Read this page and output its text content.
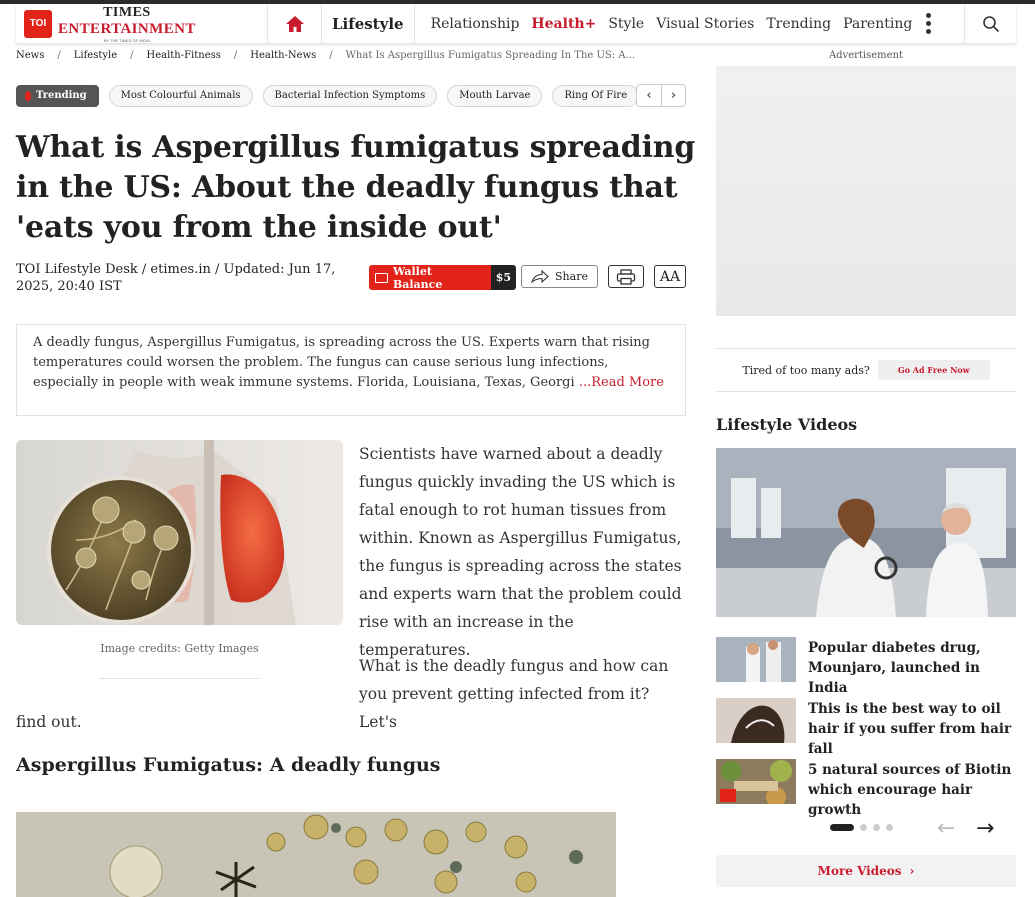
TOI
TIMES
ENTERTAINMENT
BY THE TIMES OF INDIA
Lifestyle	Relationship Health+ Style Visual Stories Trending Parenting
News / Lifestyle / Health-Fitness / Health-News / What Is Aspergillus Fumigatus Spreading In The US: A...
Trending	Most Colourful Animals	Bacterial Infection Symptoms	Mouth Larvae	Ring Of Fire	‹	›
What is Aspergillus fumigatus spreading in the US: About the deadly fungus that 'eats you from the inside out'
TOI Lifestyle Desk / etimes.in / Updated: Jun 17, 2025, 20:40 IST
Wallet Balance	$5	Share	AA
A deadly fungus, Aspergillus Fumigatus, is spreading across the US. Experts warn that rising temperatures could worsen the problem. The fungus can cause serious lung infections, especially in people with weak immune systems. Florida, Louisiana, Texas, Georgi ...Read More
Image credits: Getty Images
Scientists have warned about a deadly fungus quickly invading the US which is fatal enough to rot human tissues from within. Known as Aspergillus Fumigatus, the fungus is spreading across the states and experts warn that the problem could rise with an increase in the temperatures.
What is the deadly fungus and how can you prevent getting infected from it? Let's
find out.
Aspergillus Fumigatus: A deadly fungus
Advertisement
Tired of too many ads?	Go Ad Free Now
Lifestyle Videos
Popular diabetes drug, Mounjaro, launched in India
This is the best way to oil hair if you suffer from hair fall
5 natural sources of Biotin which encourage hair growth
← →
More Videos ›
